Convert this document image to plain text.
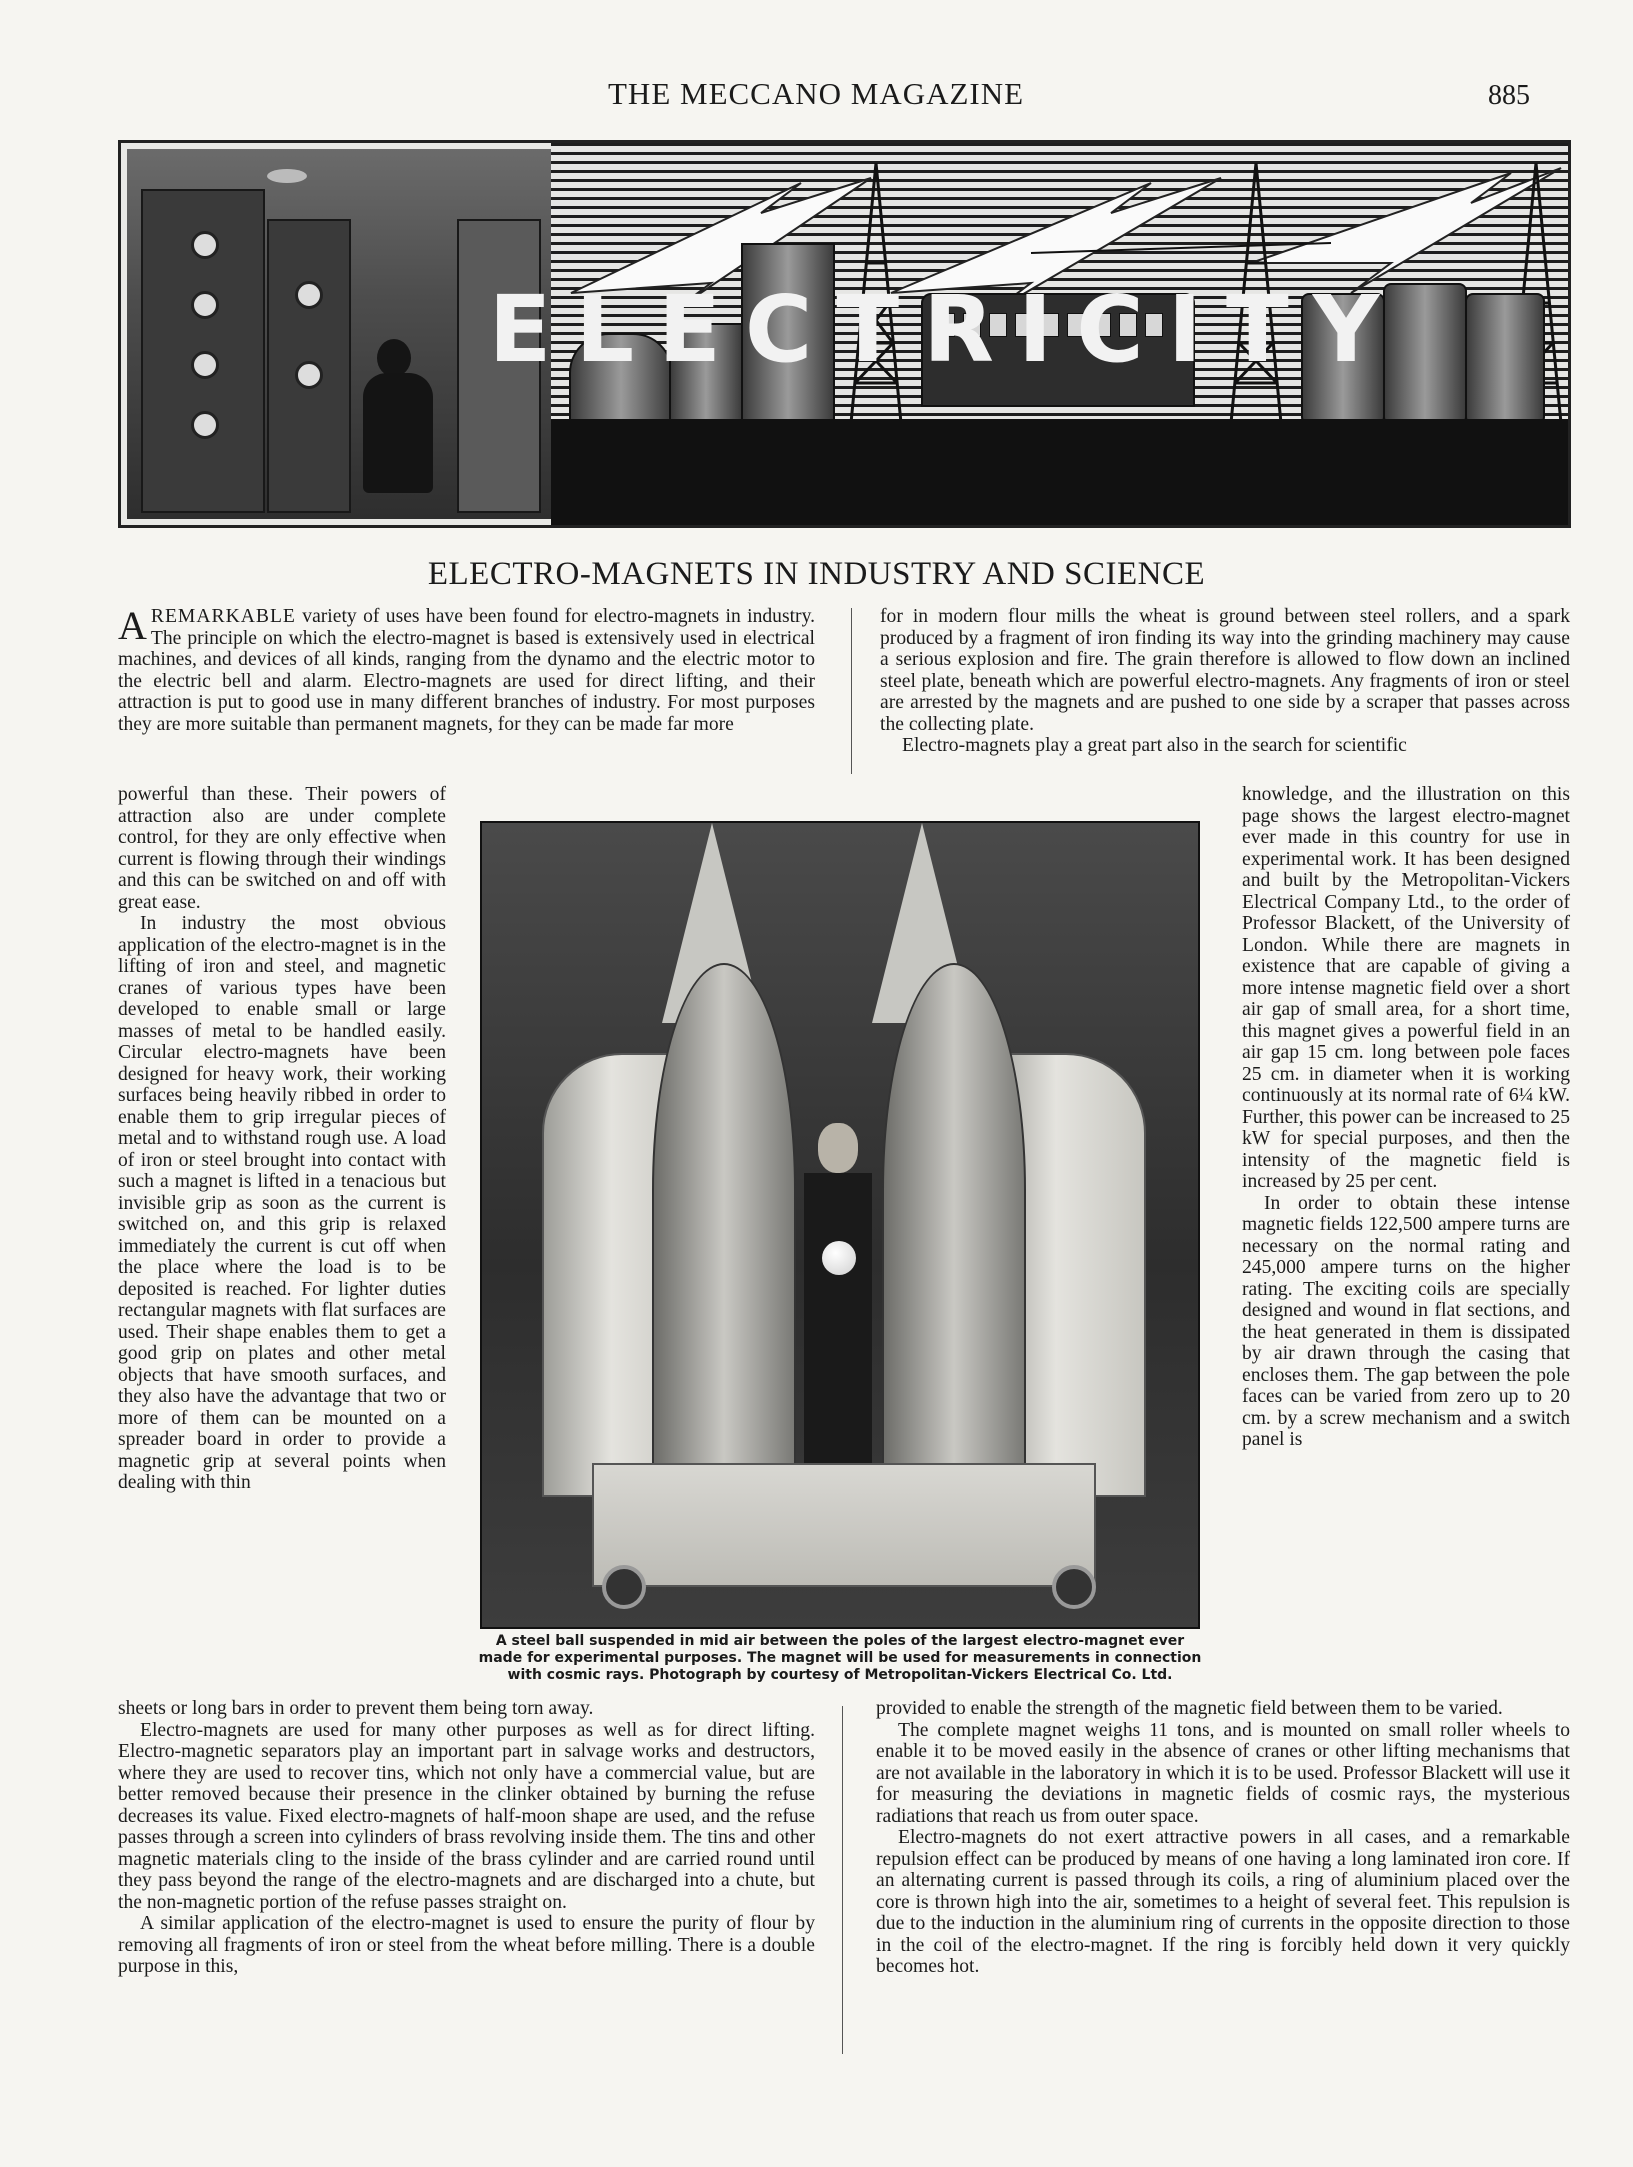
THE MECCANO MAGAZINE	885
ELECTRICITY
ELECTRO-MAGNETS IN INDUSTRY AND SCIENCE

AREMARKABLE variety of uses have been found for electro-magnets in industry. The principle on which the electro-magnet is based is extensively used in electrical machines, and devices of all kinds, ranging from the dynamo and the electric motor to the electric bell and alarm. Electro-magnets are used for direct lifting, and their attraction is put to good use in many different branches of industry. For most purposes they are more suitable than permanent magnets, for they can be made far more

powerful than these. Their powers of attraction also are under complete control, for they are only effective when current is flowing through their windings and this can be switched on and off with great ease.

In industry the most obvious application of the electro-magnet is in the lifting of iron and steel, and magnetic cranes of various types have been developed to enable small or large masses of metal to be handled easily. Circular electro-magnets have been designed for heavy work, their working surfaces being heavily ribbed in order to enable them to grip irregular pieces of metal and to withstand rough use. A load of iron or steel brought into contact with such a magnet is lifted in a tenacious but invisible grip as soon as the current is switched on, and this grip is relaxed immediately the current is cut off when the place where the load is to be deposited is reached. For lighter duties rectangular magnets with flat surfaces are used. Their shape enables them to get a good grip on plates and other metal objects that have smooth surfaces, and they also have the advantage that two or more of them can be mounted on a spreader board in order to provide a magnetic grip at several points when dealing with thin

sheets or long bars in order to prevent them being torn away.

Electro-magnets are used for many other purposes as well as for direct lifting. Electro-magnetic separators play an important part in salvage works and destructors, where they are used to recover tins, which not only have a commercial value, but are better removed because their presence in the clinker obtained by burning the refuse decreases its value. Fixed electro-magnets of half-moon shape are used, and the refuse passes through a screen into cylinders of brass revolving inside them. The tins and other magnetic materials cling to the inside of the brass cylinder and are carried round until they pass beyond the range of the electro-magnets and are discharged into a chute, but the non-magnetic portion of the refuse passes straight on.

A similar application of the electro-magnet is used to ensure the purity of flour by removing all fragments of iron or steel from the wheat before milling. There is a double purpose in this,

for in modern flour mills the wheat is ground between steel rollers, and a spark produced by a fragment of iron finding its way into the grinding machinery may cause a serious explosion and fire. The grain therefore is allowed to flow down an inclined steel plate, beneath which are powerful electro-magnets. Any fragments of iron or steel are arrested by the magnets and are pushed to one side by a scraper that passes across the collecting plate.

Electro-magnets play a great part also in the search for scientific

knowledge, and the illustration on this page shows the largest electro-magnet ever made in this country for use in experimental work. It has been designed and built by the Metropolitan-Vickers Electrical Company Ltd., to the order of Professor Blackett, of the University of London. While there are magnets in existence that are capable of giving a more intense magnetic field over a short air gap of small area, for a short time, this magnet gives a powerful field in an air gap 15 cm. long between pole faces 25 cm. in diameter when it is working continuously at its normal rate of 6¼ kW. Further, this power can be increased to 25 kW for special purposes, and then the intensity of the magnetic field is increased by 25 per cent.

In order to obtain these intense magnetic fields 122,500 ampere turns are necessary on the normal rating and 245,000 ampere turns on the higher rating. The exciting coils are specially designed and wound in flat sections, and the heat generated in them is dissipated by air drawn through the casing that encloses them. The gap between the pole faces can be varied from zero up to 20 cm. by a screw mechanism and a switch panel is

provided to enable the strength of the magnetic field between them to be varied.

The complete magnet weighs 11 tons, and is mounted on small roller wheels to enable it to be moved easily in the absence of cranes or other lifting mechanisms that are not available in the laboratory in which it is to be used. Professor Blackett will use it for measuring the deviations in magnetic fields of cosmic rays, the mysterious radiations that reach us from outer space.

Electro-magnets do not exert attractive powers in all cases, and a remarkable repulsion effect can be produced by means of one having a long laminated iron core. If an alternating current is passed through its coils, a ring of aluminium placed over the core is thrown high into the air, sometimes to a height of several feet. This repulsion is due to the induction in the aluminium ring of currents in the opposite direction to those in the coil of the electro-magnet. If the ring is forcibly held down it very quickly becomes hot.

A steel ball suspended in mid air between the poles of the largest electro-magnet ever made for experimental purposes. The magnet will be used for measurements in connection with cosmic rays. Photograph by courtesy of Metropolitan-Vickers Electrical Co. Ltd.
